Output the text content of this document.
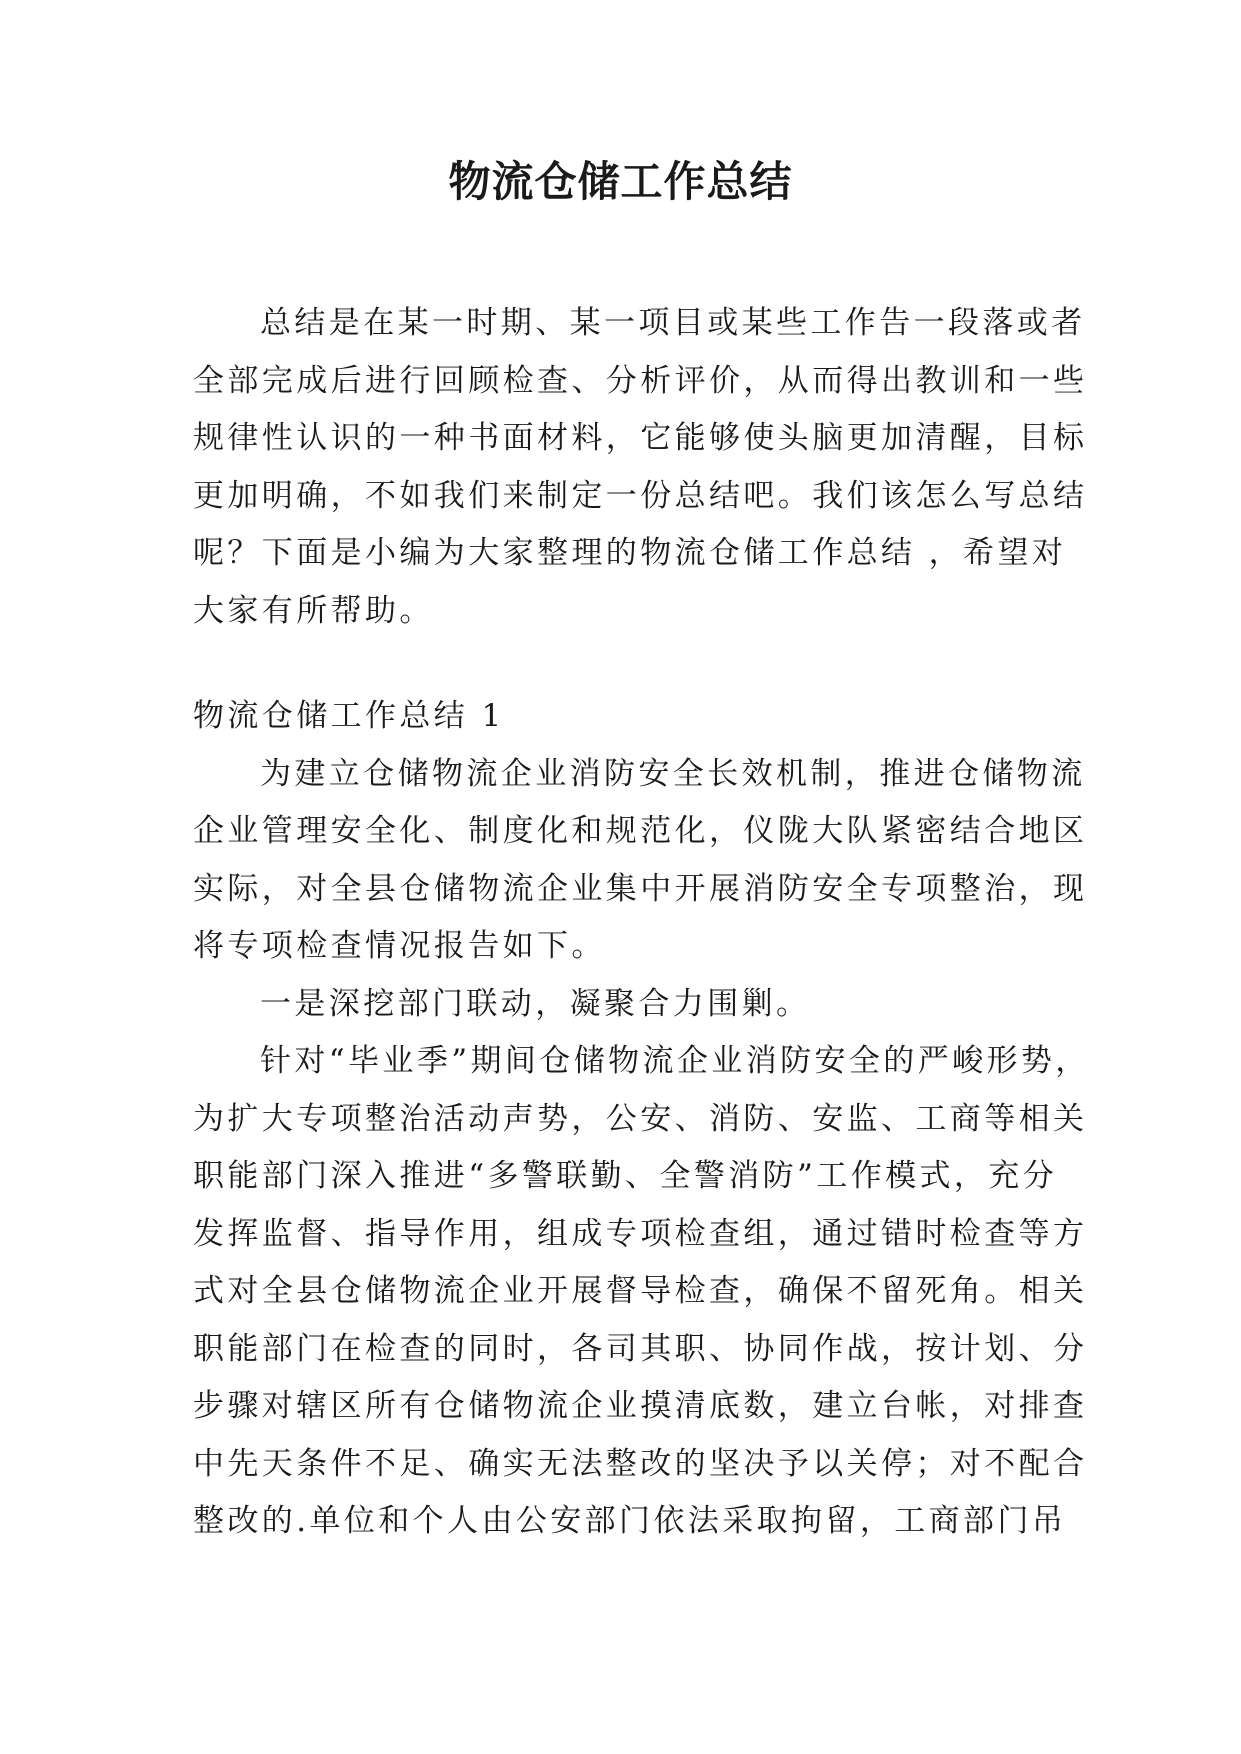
物流仓储工作总结

总结是在某一时期、某一项目或某些工作告一段落或者

全部完成后进行回顾检查、分析评价，从而得出教训和一些

规律性认识的一种书面材料，它能够使头脑更加清醒，目标

更加明确，不如我们来制定一份总结吧。我们该怎么写总结

呢？下面是小编为大家整理的物流仓储工作总结 ，希望对

大家有所帮助。

物流仓储工作总结 1

为建立仓储物流企业消防安全长效机制，推进仓储物流

企业管理安全化、制度化和规范化，仪陇大队紧密结合地区

实际，对全县仓储物流企业集中开展消防安全专项整治，现

将专项检查情况报告如下。

一是深挖部门联动，凝聚合力围剿。

针对“毕业季”期间仓储物流企业消防安全的严峻形势，

为扩大专项整治活动声势，公安、消防、安监、工商等相关

职能部门深入推进“多警联勤、全警消防”工作模式，充分

发挥监督、指导作用，组成专项检查组，通过错时检查等方

式对全县仓储物流企业开展督导检查，确保不留死角。相关

职能部门在检查的同时，各司其职、协同作战，按计划、分

步骤对辖区所有仓储物流企业摸清底数，建立台帐，对排查

中先天条件不足、确实无法整改的坚决予以关停；对不配合

整改的.单位和个人由公安部门依法采取拘留，工商部门吊
